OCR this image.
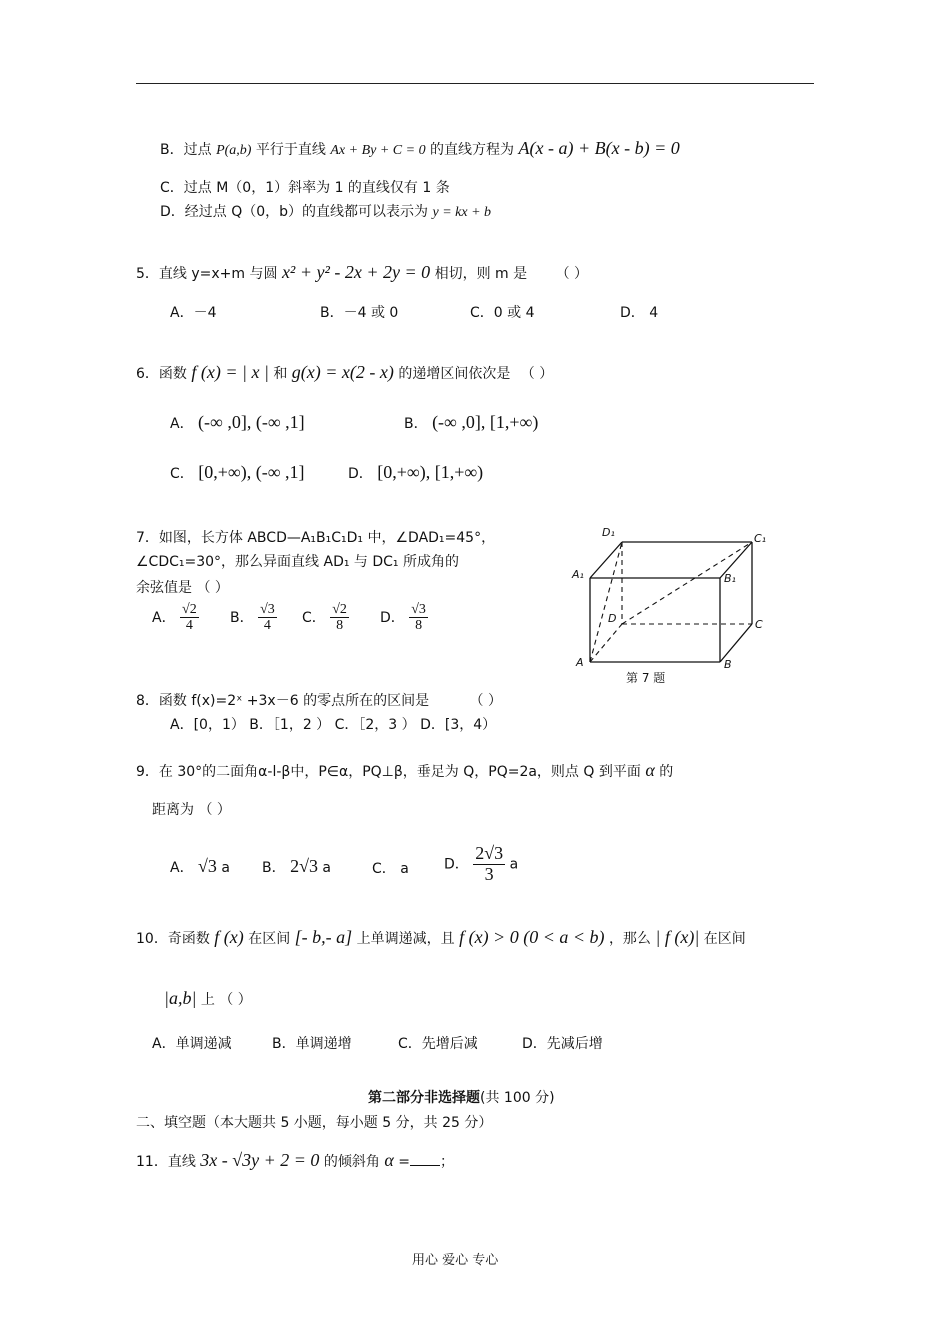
B．过点 P(a,b) 平行于直线 Ax + By + C = 0 的直线方程为 A(x - a) + B(x - b) = 0
C．过点 M（0，1）斜率为 1 的直线仅有 1 条
D．经过点 Q（0，b）的直线都可以表示为 y = kx + b
5．直线 y=x+m 与圆 x² + y² - 2x + 2y = 0 相切，则 m 是 （ ）
A．－4	B．－4 或 0	C．0 或 4	D． 4
6．函数 f (x) = | x | 和 g(x) = x(2 - x) 的递增区间依次是 （ ）
A． (-∞ ,0], (-∞ ,1]	B． (-∞ ,0], [1,+∞)
C． [0,+∞), (-∞ ,1]	D． [0,+∞), [1,+∞)
7．如图，长方体 ABCD—A₁B₁C₁D₁ 中，∠DAD₁=45°，
∠CDC₁=30°，那么异面直线 AD₁ 与 DC₁ 所成角的
余弦值是 （ ）
A． $\frac{√2}{4}$ B． $\frac{√3}{4}$ C． $\frac{√2}{8}$ D． $\frac{√3}{8}$
D₁	C₁
A₁	B₁
D	C
A	B
第 7 题
8．函数 f(x)=2ˣ +3x－6 的零点所在的区间是	（ ）
A．[0，1） B．［1，2 ） C．［2，3 ） D．[3，4）
9．在 30°的二面角α-l-β中，P∈α，PQ⊥β，垂足为 Q，PQ=2a，则点 Q 到平面 α 的
距离为 （ ）
A． √3 a B． 2√3 a	C． a	D． $\frac{2√3}{3}$ a
10．奇函数 f (x) 在区间 [- b,- a] 上单调递减，且 f (x) > 0 (0 < a < b) ，那么 | f (x)| 在区间
|a,b| 上 （ ）
A．单调递减	B．单调递增	C．先增后减	D．先减后增
第二部分非选择题(共 100 分)
二、填空题（本大题共 5 小题，每小题 5 分，共 25 分）
11．直线 3x - √3y + 2 = 0 的倾斜角 α = ；
用心 爱心 专心
